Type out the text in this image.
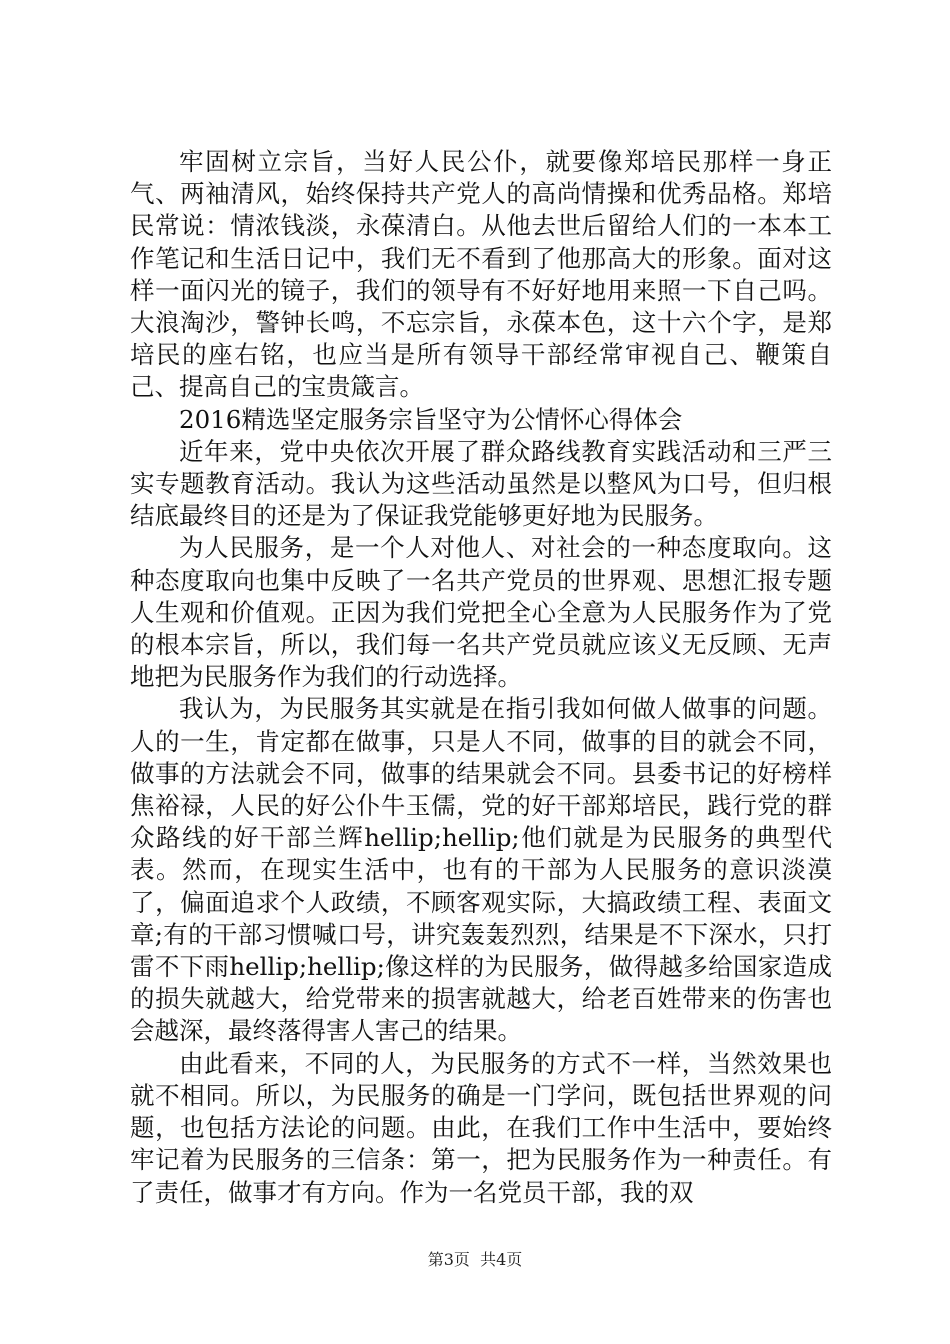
牢固树立宗旨，当好人民公仆，就要像郑培民那样一身正气、两袖清风，始终保持共产党人的高尚情操和优秀品格。郑培民常说：情浓钱淡，永葆清白。从他去世后留给人们的一本本工作笔记和生活日记中，我们无不看到了他那高大的形象。面对这样一面闪光的镜子，我们的领导有不好好地用来照一下自己吗。大浪淘沙，警钟长鸣，不忘宗旨，永葆本色，这十六个字，是郑培民的座右铭，也应当是所有领导干部经常审视自己、鞭策自己、提高自己的宝贵箴言。

2016精选坚定服务宗旨坚守为公情怀心得体会

近年来，党中央依次开展了群众路线教育实践活动和三严三实专题教育活动。我认为这些活动虽然是以整风为口号，但归根结底最终目的还是为了保证我党能够更好地为民服务。

为人民服务，是一个人对他人、对社会的一种态度取向。这种态度取向也集中反映了一名共产党员的世界观、思想汇报专题人生观和价值观。正因为我们党把全心全意为人民服务作为了党的根本宗旨，所以，我们每一名共产党员就应该义无反顾、无声地把为民服务作为我们的行动选择。

我认为，为民服务其实就是在指引我如何做人做事的问题。人的一生，肯定都在做事，只是人不同，做事的目的就会不同，做事的方法就会不同，做事的结果就会不同。县委书记的好榜样焦裕禄，人民的好公仆牛玉儒，党的好干部郑培民，践行党的群众路线的好干部兰辉hellip;hellip;他们就是为民服务的典型代表。然而，在现实生活中，也有的干部为人民服务的意识淡漠了，偏面追求个人政绩，不顾客观实际，大搞政绩工程、表面文章;有的干部习惯喊口号，讲究轰轰烈烈，结果是不下深水，只打雷不下雨hellip;hellip;像这样的为民服务，做得越多给国家造成的损失就越大，给党带来的损害就越大，给老百姓带来的伤害也会越深，最终落得害人害己的结果。

由此看来，不同的人，为民服务的方式不一样，当然效果也就不相同。所以，为民服务的确是一门学问，既包括世界观的问题，也包括方法论的问题。由此，在我们工作中生活中，要始终牢记着为民服务的三信条：第一，把为民服务作为一种责任。有了责任，做事才有方向。作为一名党员干部，我的双

第3页  共4页
